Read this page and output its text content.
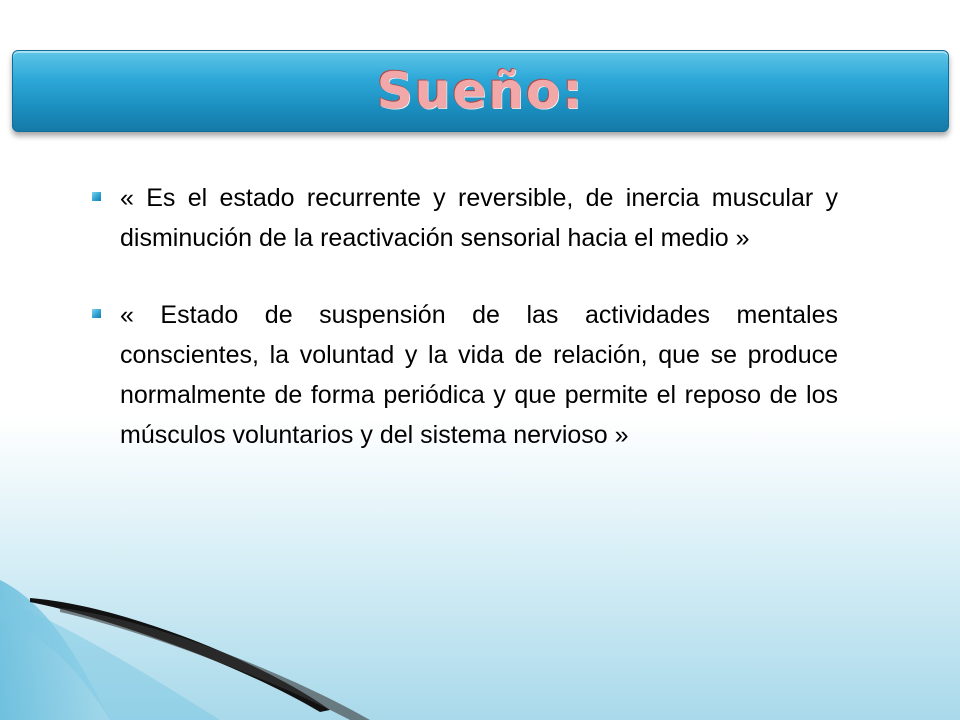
Sueño:
« Es el estado recurrente y reversible, de inercia muscular y disminución de la reactivación sensorial hacia el medio »
« Estado de suspensión de las actividades mentales conscientes, la voluntad y la vida de relación, que se produce normalmente de forma periódica y que permite el reposo de los músculos voluntarios y del sistema nervioso »
